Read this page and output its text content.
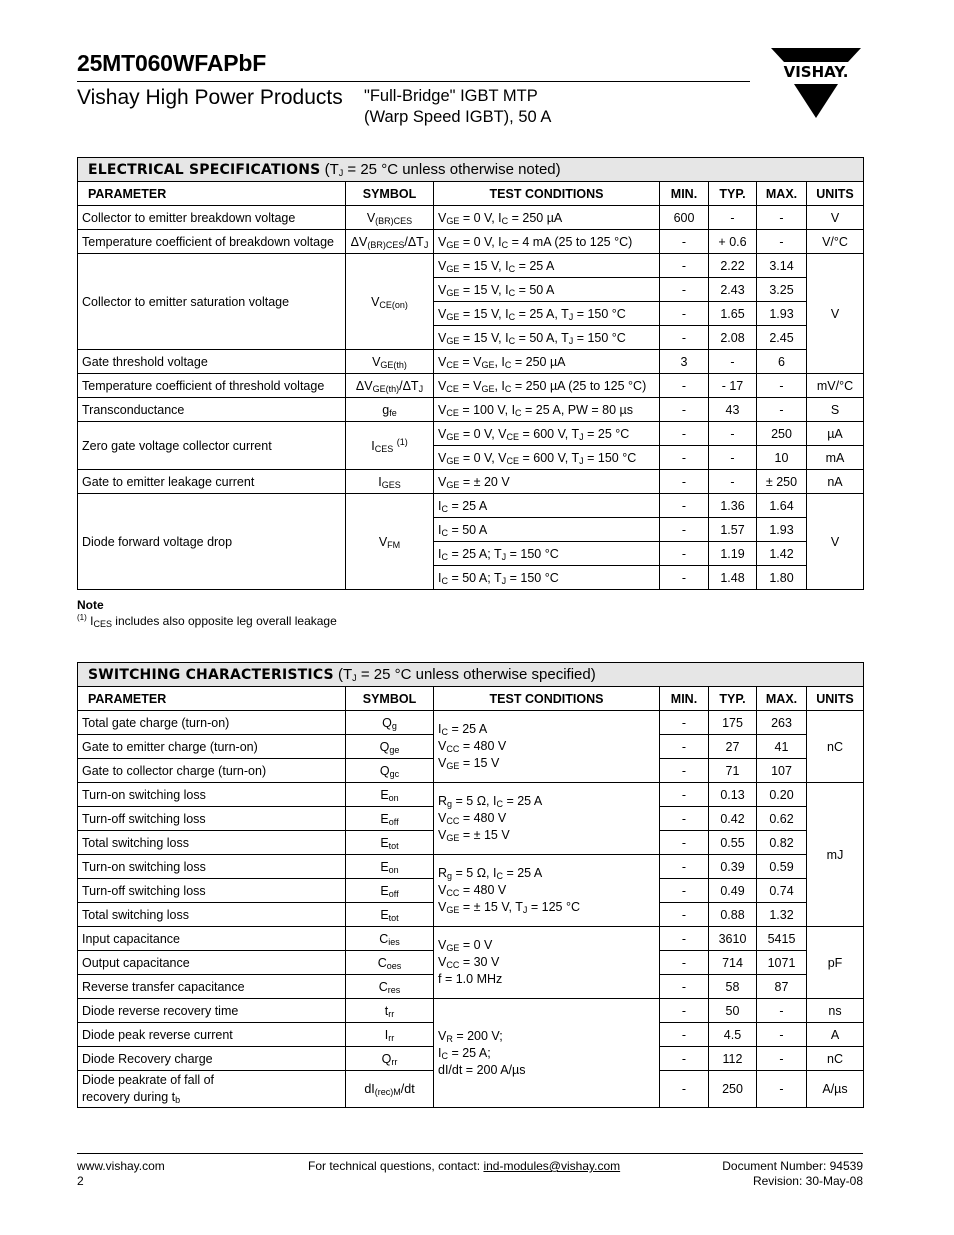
25MT060WFAPbF
Vishay High Power Products "Full-Bridge" IGBT MTP
(Warp Speed IGBT), 50 A
VISHAY.
ELECTRICAL SPECIFICATIONS ($T_J = 25$ °C unless otherwise noted)						
PARAMETER	SYMBOL	TEST CONDITIONS	MIN.	TYP.	MAX.	UNITS
Collector to emitter breakdown voltage	$V_{(BR)CES}$	$V_{GE} = 0$ V, $I_C = 250$ µA	600	-	-	V
Temperature coefficient of breakdown voltage	$\Delta V_{(BR)CES}/\Delta T_J$	$V_{GE} = 0$ V, $I_C = 4$ mA (25 to 125 °C)	-	+ 0.6	-	V/°C
Collector to emitter saturation voltage	$V_{CE(on)}$	$V_{GE} = 15$ V, $I_C = 25$ A	-	2.22	3.14	V
		$V_{GE} = 15$ V, $I_C = 50$ A	-	2.43	3.25	
		$V_{GE} = 15$ V, $I_C = 25$ A, $T_J = 150$ °C	-	1.65	1.93	
		$V_{GE} = 15$ V, $I_C = 50$ A, $T_J = 150$ °C	-	2.08	2.45	
Gate threshold voltage	$V_{GE(th)}$	$V_{CE} = V_{GE}$, $I_C = 250$ µA	3	-	6	
Temperature coefficient of threshold voltage	$\Delta V_{GE(th)}/\Delta T_J$	$V_{CE} = V_{GE}$, $I_C = 250$ µA (25 to 125 °C)	-	- 17	-	mV/°C
Transconductance	$g_{fe}$	$V_{CE} = 100$ V, $I_C = 25$ A, PW = 80 µs	-	43	-	S
Zero gate voltage collector current	$I_{CES}$ $^{(1)}$	$V_{GE} = 0$ V, $V_{CE} = 600$ V, $T_J = 25$ °C	-	-	250	µA
		$V_{GE} = 0$ V, $V_{CE} = 600$ V, $T_J = 150$ °C	-	-	10	mA
Gate to emitter leakage current	$I_{GES}$	$V_{GE}$ = ± 20 V	-	-	± 250	nA
Diode forward voltage drop	$V_{FM}$	$I_C = 25$ A	-	1.36	1.64	V
		$I_C = 50$ A	-	1.57	1.93	
		$I_C = 25$ A; $T_J = 150$ °C	-	1.19	1.42	
		$I_C = 50$ A; $T_J = 150$ °C	-	1.48	1.80	
Note
$^{(1)}$ $I_{CES}$ includes also opposite leg overall leakage
SWITCHING CHARACTERISTICS ($T_J = 25$ °C unless otherwise specified)						
PARAMETER	SYMBOL	TEST CONDITIONS	MIN.	TYP.	MAX.	UNITS
Total gate charge (turn-on)	$Q_g$	$I_C = 25$ A
$V_{CC} = 480$ V
$V_{GE} = 15$ V	-	175	263	nC
Gate to emitter charge (turn-on)	$Q_{ge}$		-	27	41	
Gate to collector charge (turn-on)	$Q_{gc}$		-	71	107	
Turn-on switching loss	$E_{on}$	$R_g = 5$ Ω, $I_C = 25$ A
$V_{CC} = 480$ V
$V_{GE}$ = ± 15 V	-	0.13	0.20	mJ
Turn-off switching loss	$E_{off}$		-	0.42	0.62	
Total switching loss	$E_{tot}$		-	0.55	0.82	
Turn-on switching loss	$E_{on}$	$R_g = 5$ Ω, $I_C = 25$ A
$V_{CC} = 480$ V
$V_{GE}$ = ± 15 V, $T_J = 125$ °C	-	0.39	0.59	
Turn-off switching loss	$E_{off}$		-	0.49	0.74	
Total switching loss	$E_{tot}$		-	0.88	1.32	
Input capacitance	$C_{ies}$	$V_{GE} = 0$ V
$V_{CC} = 30$ V
f = 1.0 MHz	-	3610	5415	pF
Output capacitance	$C_{oes}$		-	714	1071	
Reverse transfer capacitance	$C_{res}$		-	58	87	
Diode reverse recovery time	$t_{rr}$	$V_R = 200$ V;
$I_C = 25$ A;
dI/dt = 200 A/µs	-	50	-	ns
Diode peak reverse current	$I_{rr}$		-	4.5	-	A
Diode Recovery charge	$Q_{rr}$		-	112	-	nC
Diode peakrate of fall of
recovery during $t_b$	$dI_{(rec)M}/dt$		-	250	-	A/µs
www.vishay.com
2
For technical questions, contact: ind-modules@vishay.com	Document Number: 94539
Revision: 30-May-08
